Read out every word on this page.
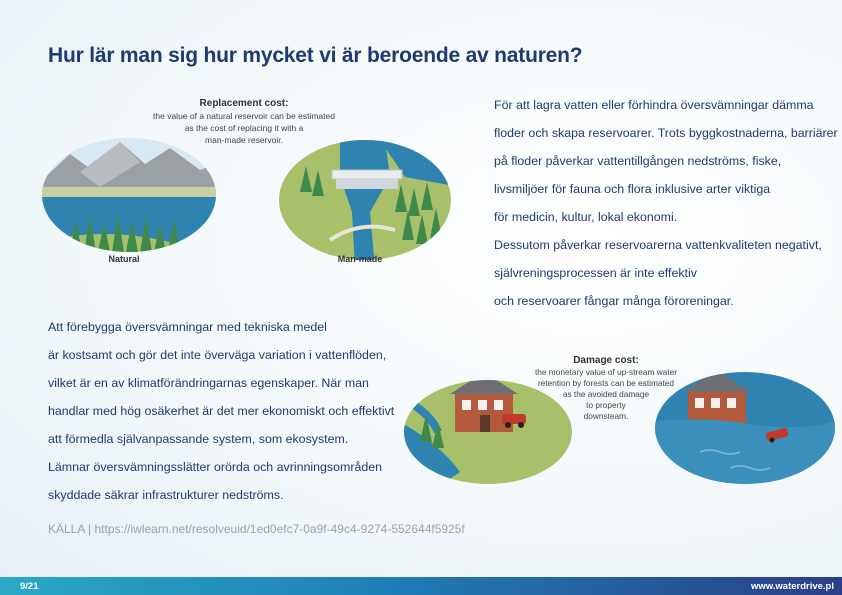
Hur lär man sig hur mycket vi är beroende av naturen?
Replacement cost:
the value of a natural reservoir can be estimated
as the cost of replacing it with a
man-made reservoir.
Natural	Man-made
För att lagra vatten eller förhindra översvämningar dämma
floder och skapa reservoarer. Trots byggkostnaderna, barriärer
på floder påverkar vattentillgången nedströms, fiske,
livsmiljöer för fauna och flora inklusive arter viktiga
för medicin, kultur, lokal ekonomi.
Dessutom påverkar reservoarerna vattenkvaliteten negativt,
självreningsprocessen är inte effektiv
och reservoarer fångar många föroreningar.
Att förebygga översvämningar med tekniska medel
är kostsamt och gör det inte överväga variation i vattenflöden,
vilket är en av klimatförändringarnas egenskaper. När man
handlar med hög osäkerhet är det mer ekonomiskt och effektivt
att förmedla självanpassande system, som ekosystem.
Lämnar översvämningsslätter orörda och avrinningsområden
skyddade säkrar infrastrukturer nedströms.
Damage cost:
the monetary value of up-stream water
retention by forests can be estimated
as the avoided damage
to property
downsteam.
KÄLLA | https://iwlearn.net/resolveuid/1ed0efc7-0a9f-49c4-9274-552644f5925f
9/21	www.waterdrive.pl
